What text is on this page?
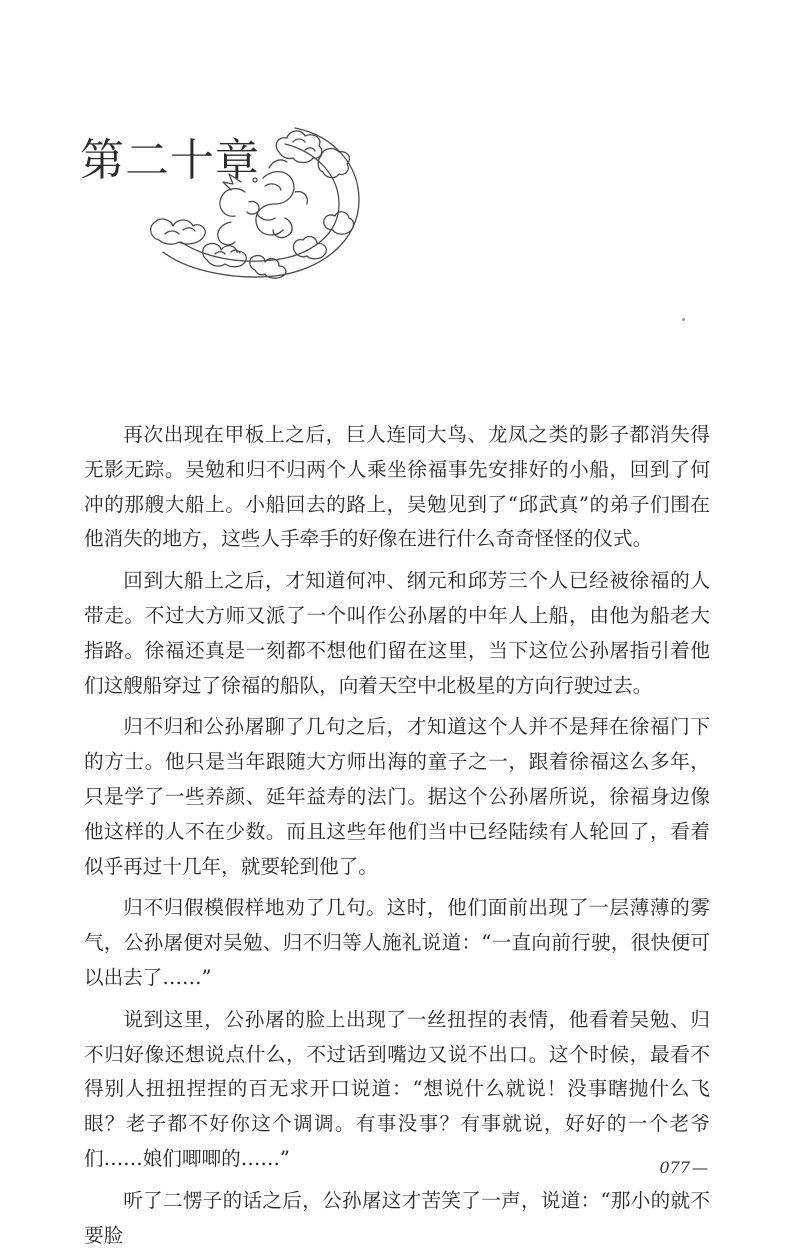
第二十章

再次出现在甲板上之后，巨人连同大鸟、龙凤之类的影子都消失得无影无踪。吴勉和归不归两个人乘坐徐福事先安排好的小船，回到了何冲的那艘大船上。小船回去的路上，吴勉见到了“邱武真”的弟子们围在他消失的地方，这些人手牵手的好像在进行什么奇奇怪怪的仪式。

回到大船上之后，才知道何冲、纲元和邱芳三个人已经被徐福的人带走。不过大方师又派了一个叫作公孙屠的中年人上船，由他为船老大指路。徐福还真是一刻都不想他们留在这里，当下这位公孙屠指引着他们这艘船穿过了徐福的船队，向着天空中北极星的方向行驶过去。

归不归和公孙屠聊了几句之后，才知道这个人并不是拜在徐福门下的方士。他只是当年跟随大方师出海的童子之一，跟着徐福这么多年，只是学了一些养颜、延年益寿的法门。据这个公孙屠所说，徐福身边像他这样的人不在少数。而且这些年他们当中已经陆续有人轮回了，看着似乎再过十几年，就要轮到他了。

归不归假模假样地劝了几句。这时，他们面前出现了一层薄薄的雾气，公孙屠便对吴勉、归不归等人施礼说道：“一直向前行驶，很快便可以出去了……”

说到这里，公孙屠的脸上出现了一丝扭捏的表情，他看着吴勉、归不归好像还想说点什么，不过话到嘴边又说不出口。这个时候，最看不得别人扭扭捏捏的百无求开口说道：“想说什么就说！没事瞎抛什么飞眼？老子都不好你这个调调。有事没事？有事就说，好好的一个老爷们……娘们唧唧的……”

听了二愣子的话之后，公孙屠这才苦笑了一声，说道：“那小的就不要脸

077 —
